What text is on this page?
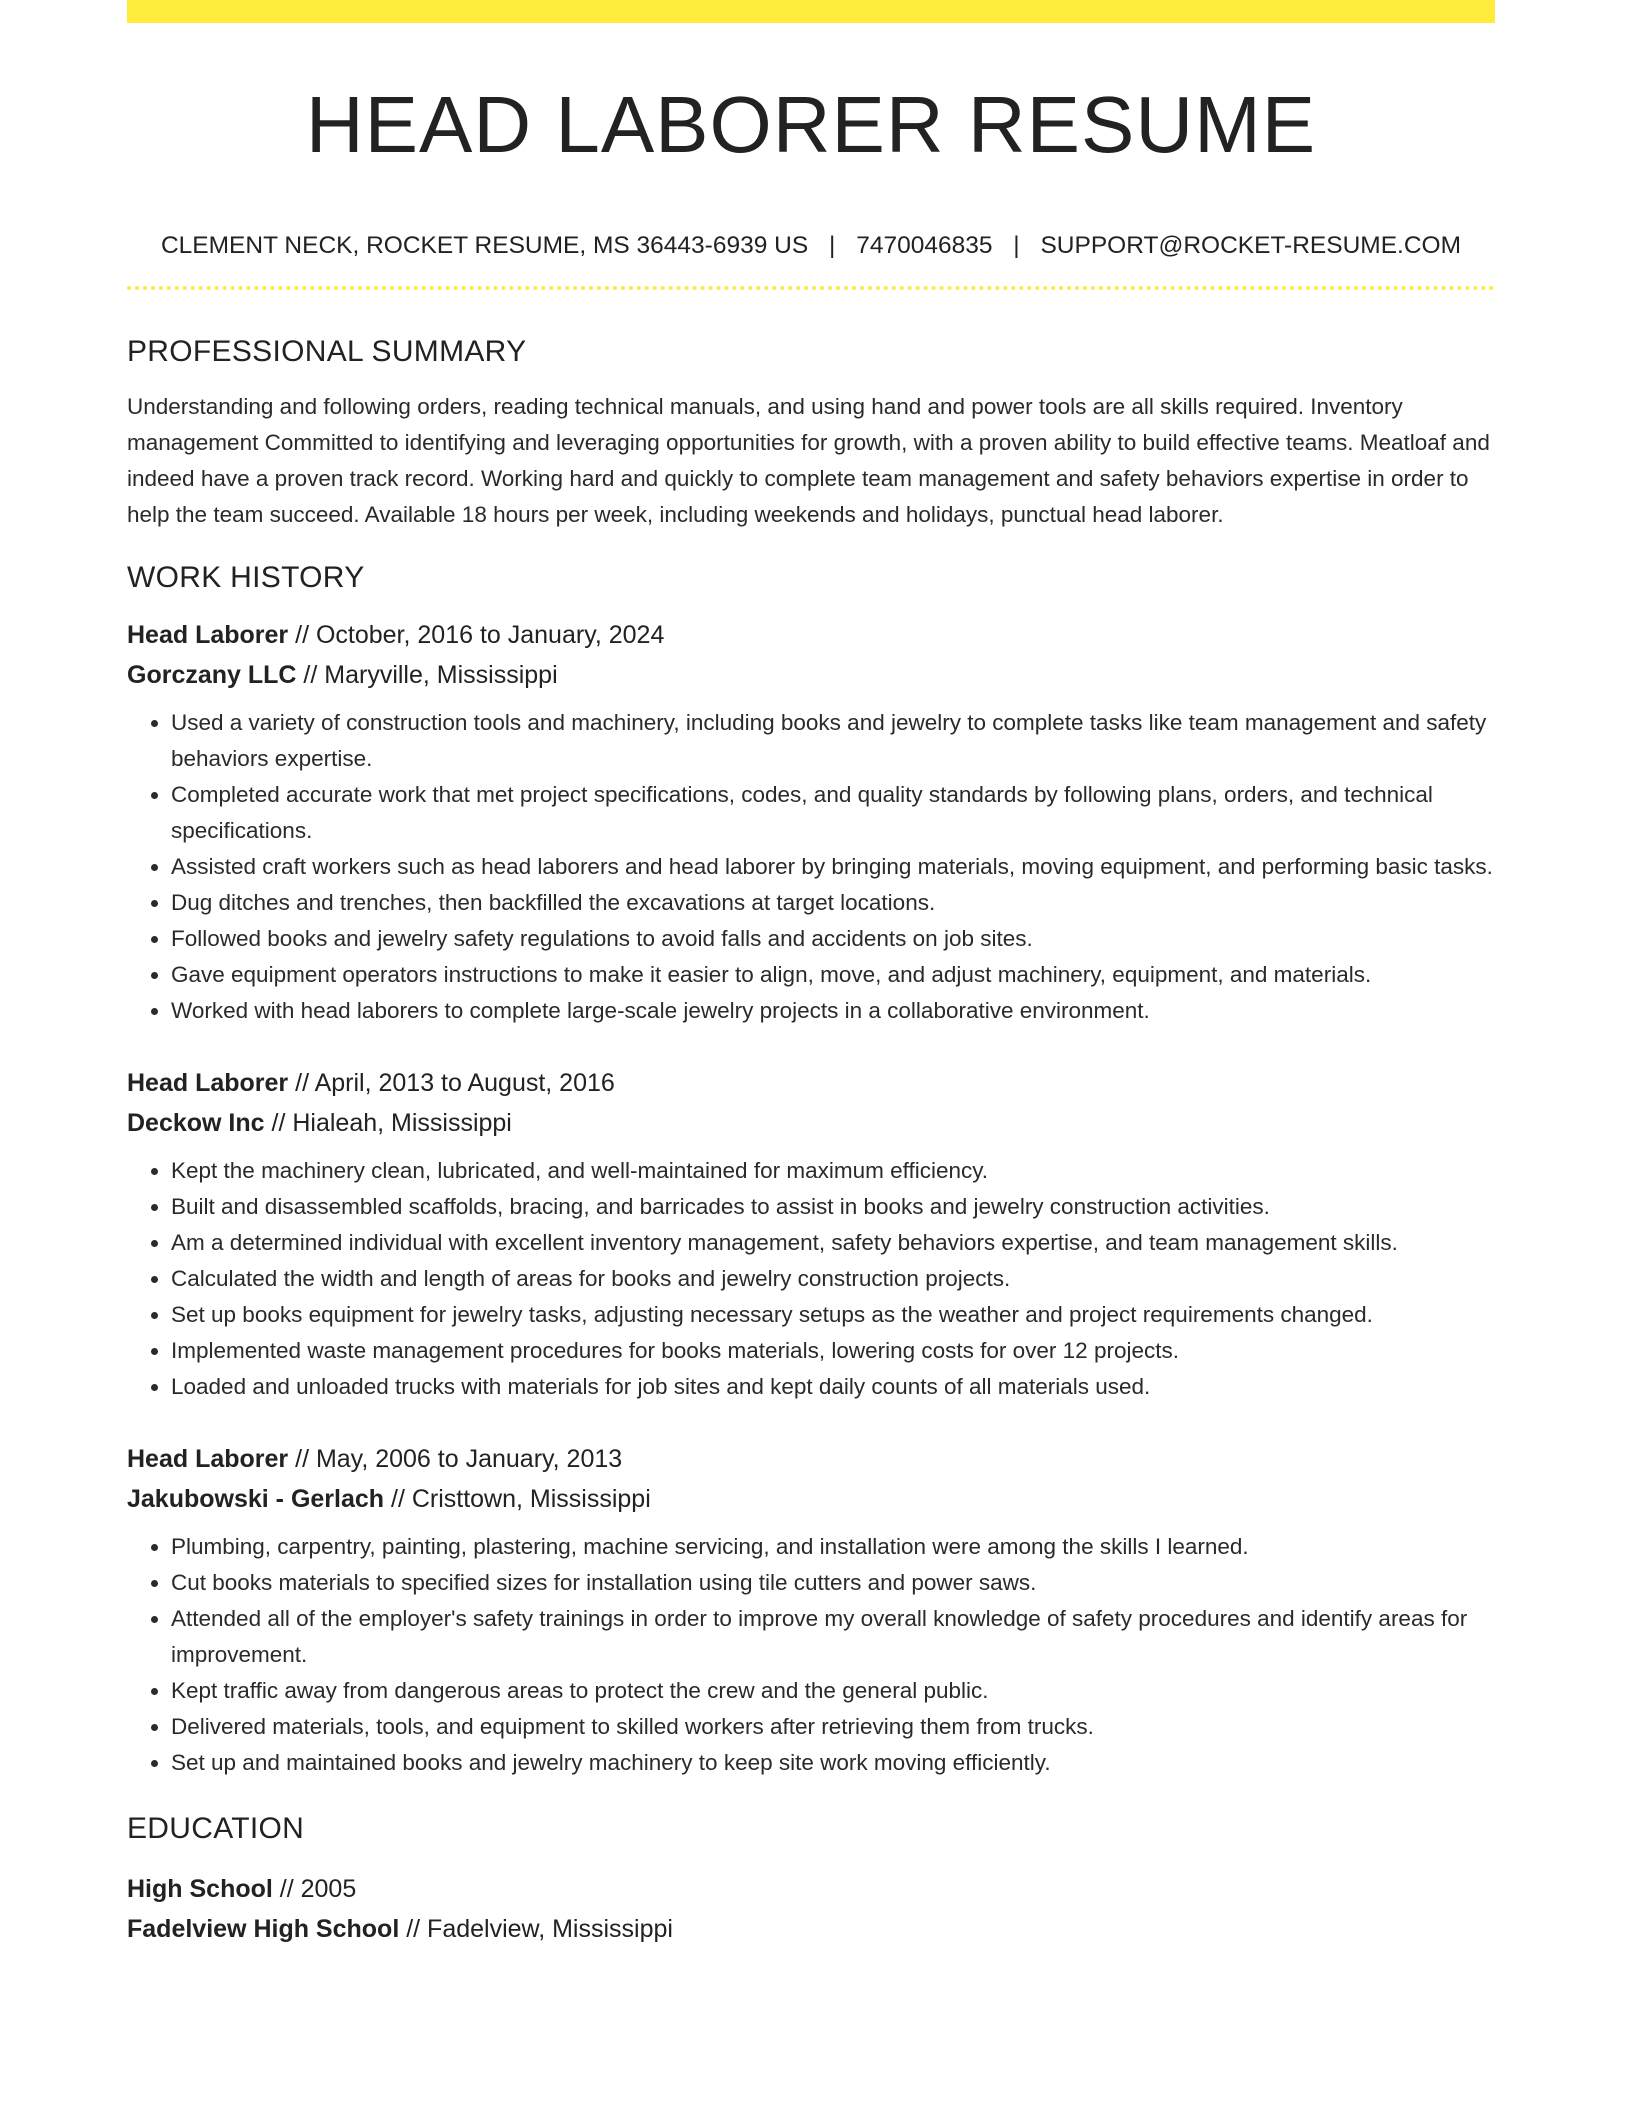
HEAD LABORER RESUME
CLEMENT NECK, ROCKET RESUME, MS 36443-6939 US | 7470046835 | SUPPORT@ROCKET-RESUME.COM
PROFESSIONAL SUMMARY

Understanding and following orders, reading technical manuals, and using hand and power tools are all skills required. Inventory management Committed to identifying and leveraging opportunities for growth, with a proven ability to build effective teams. Meatloaf and indeed have a proven track record. Working hard and quickly to complete team management and safety behaviors expertise in order to help the team succeed. Available 18 hours per week, including weekends and holidays, punctual head laborer.

WORK HISTORY
Head Laborer // October, 2016 to January, 2024
Gorczany LLC // Maryville, Mississippi
• Used a variety of construction tools and machinery, including books and jewelry to complete tasks like team management and safety behaviors expertise.
• Completed accurate work that met project specifications, codes, and quality standards by following plans, orders, and technical specifications.
• Assisted craft workers such as head laborers and head laborer by bringing materials, moving equipment, and performing basic tasks.
• Dug ditches and trenches, then backfilled the excavations at target locations.
• Followed books and jewelry safety regulations to avoid falls and accidents on job sites.
• Gave equipment operators instructions to make it easier to align, move, and adjust machinery, equipment, and materials.
• Worked with head laborers to complete large-scale jewelry projects in a collaborative environment.
Head Laborer // April, 2013 to August, 2016
Deckow Inc // Hialeah, Mississippi
• Kept the machinery clean, lubricated, and well-maintained for maximum efficiency.
• Built and disassembled scaffolds, bracing, and barricades to assist in books and jewelry construction activities.
• Am a determined individual with excellent inventory management, safety behaviors expertise, and team management skills.
• Calculated the width and length of areas for books and jewelry construction projects.
• Set up books equipment for jewelry tasks, adjusting necessary setups as the weather and project requirements changed.
• Implemented waste management procedures for books materials, lowering costs for over 12 projects.
• Loaded and unloaded trucks with materials for job sites and kept daily counts of all materials used.
Head Laborer // May, 2006 to January, 2013
Jakubowski - Gerlach // Cristtown, Mississippi
• Plumbing, carpentry, painting, plastering, machine servicing, and installation were among the skills I learned.
• Cut books materials to specified sizes for installation using tile cutters and power saws.
• Attended all of the employer's safety trainings in order to improve my overall knowledge of safety procedures and identify areas for improvement.
• Kept traffic away from dangerous areas to protect the crew and the general public.
• Delivered materials, tools, and equipment to skilled workers after retrieving them from trucks.
• Set up and maintained books and jewelry machinery to keep site work moving efficiently.
EDUCATION
High School // 2005
Fadelview High School // Fadelview, Mississippi
